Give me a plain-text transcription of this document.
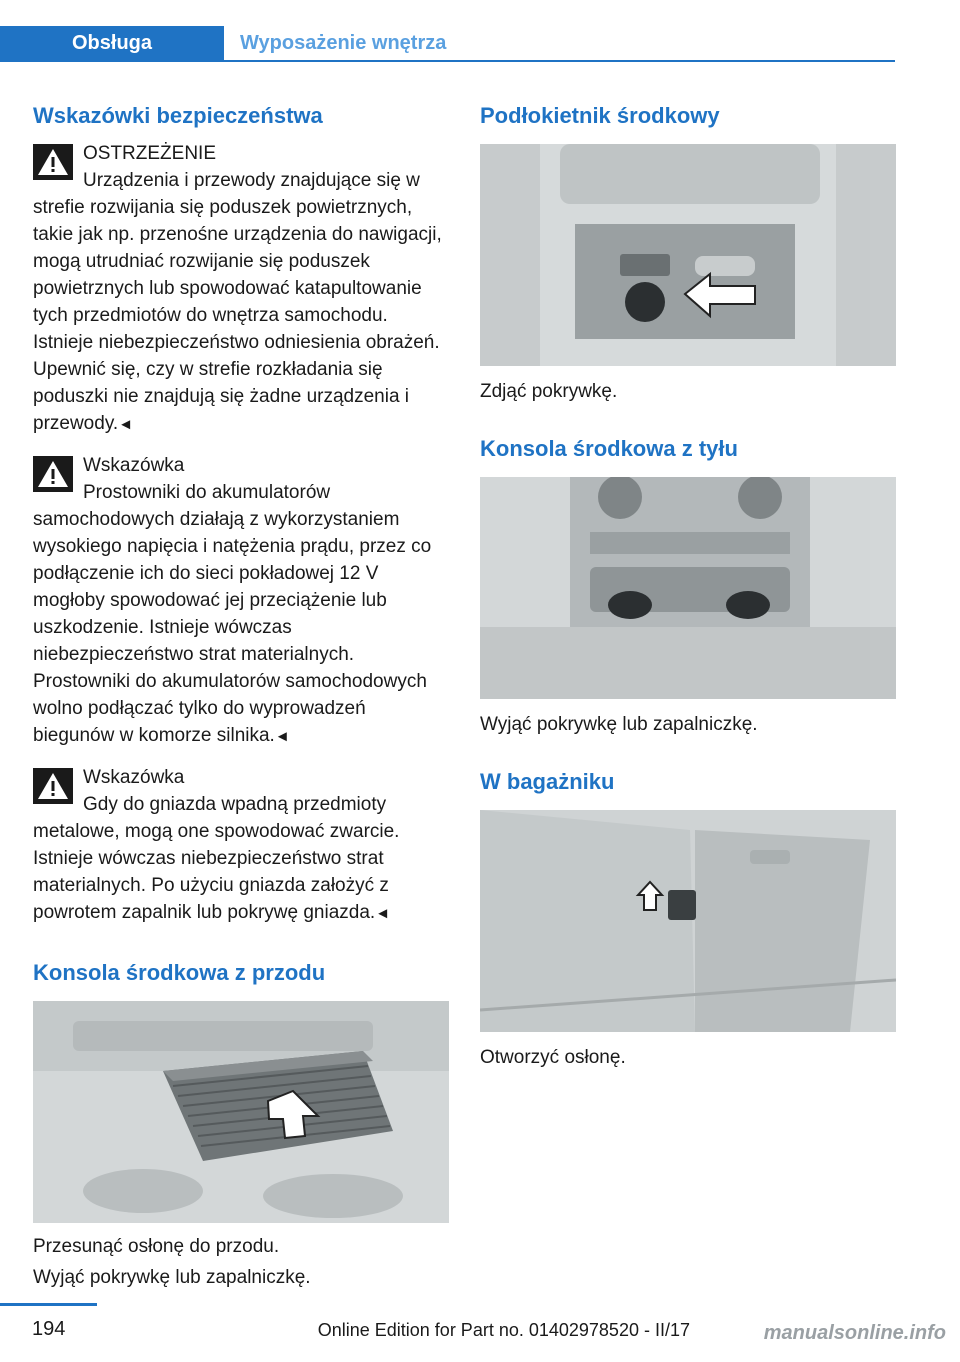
Obsługa	Wyposażenie wnętrza
Wskazówki bezpieczeństwa
OSTRZEŻENIE

Urządzenia i przewody znajdujące się w strefie rozwijania się poduszek powietrznych, takie jak np. przenośne urządzenia do nawigacji, mogą utrudniać rozwijanie się poduszek powietrznych lub spowodować katapultowanie tych przedmiotów do wnętrza samochodu. Istnieje niebezpieczeństwo odniesienia obrażeń. Upewnić się, czy w strefie rozkładania się poduszki nie znajdują się żadne urządzenia i przewody.◄

Wskazówka

Prostowniki do akumulatorów samochodowych działają z wykorzystaniem wysokiego napięcia i natężenia prądu, przez co podłączenie ich do sieci pokładowej 12 V mogłoby spowodować jej przeciążenie lub uszkodzenie. Istnieje wówczas niebezpieczeństwo strat materialnych. Prostowniki do akumulatorów samochodowych wolno podłączać tylko do wyprowadzeń biegunów w komorze silnika.◄

Wskazówka

Gdy do gniazda wpadną przedmioty metalowe, mogą one spowodować zwarcie. Istnieje wówczas niebezpieczeństwo strat materialnych. Po użyciu gniazda założyć z powrotem zapalnik lub pokrywę gniazda.◄

Konsola środkowa z przodu

Przesunąć osłonę do przodu.

Wyjąć pokrywkę lub zapalniczkę.

Podłokietnik środkowy

Zdjąć pokrywkę.

Konsola środkowa z tyłu

Wyjąć pokrywkę lub zapalniczkę.

W bagażniku

Otworzyć osłonę.

194	Online Edition for Part no. 01402978520 - II/17	manualsonline.info
